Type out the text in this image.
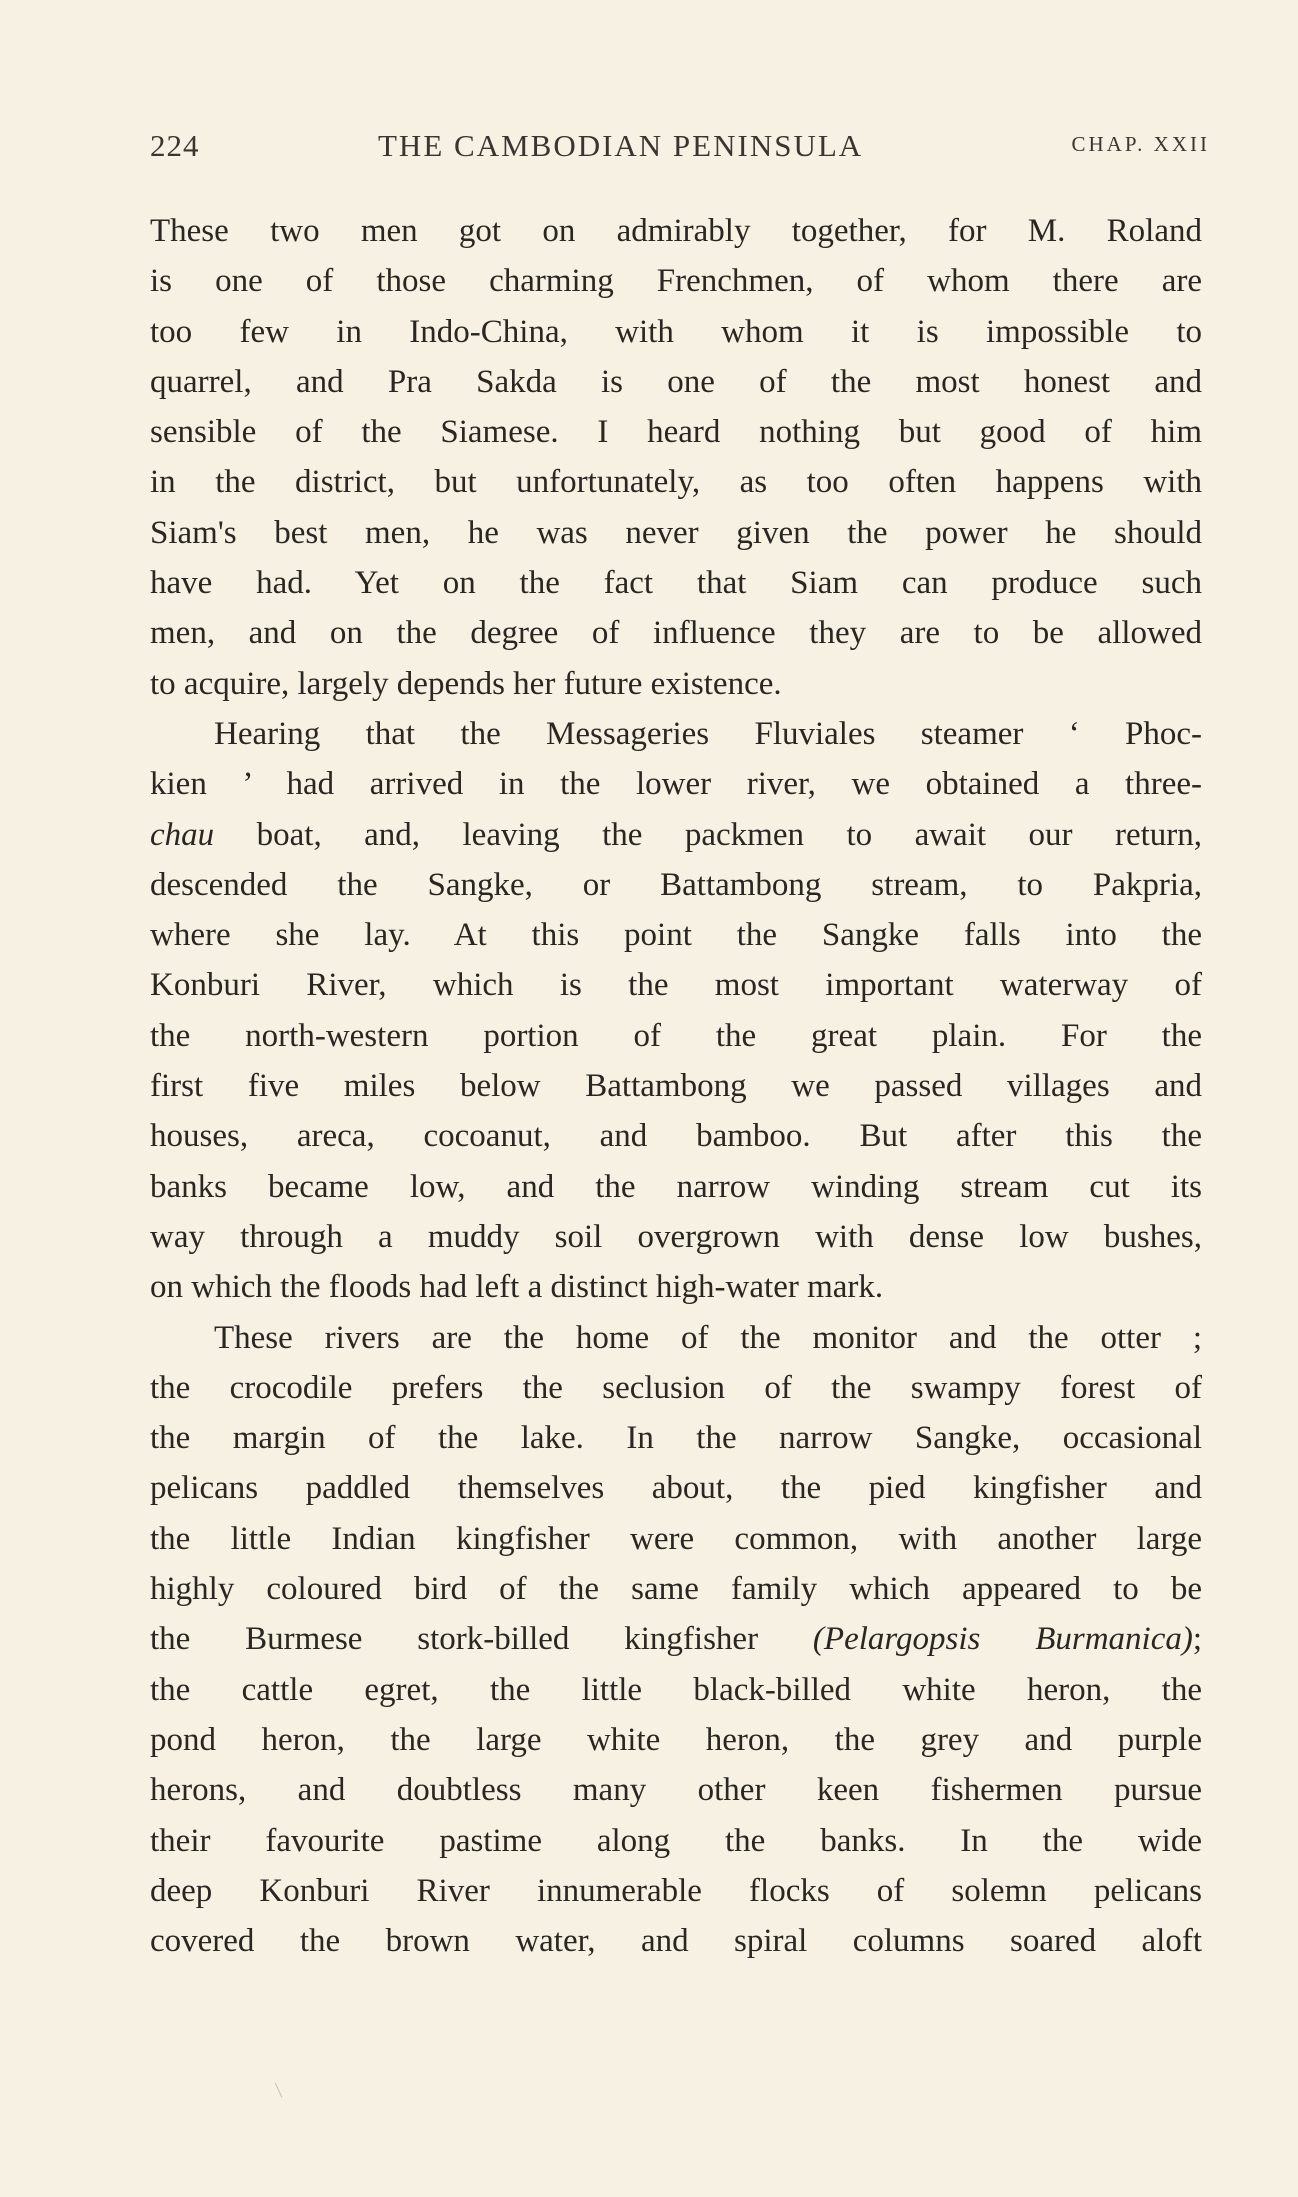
224	THE CAMBODIAN PENINSULA	CHAP. XXII
These two men got on admirably together, for M. Roland
is one of those charming Frenchmen, of whom there are
too few in Indo-China, with whom it is impossible to
quarrel, and Pra Sakda is one of the most honest and
sensible of the Siamese. I heard nothing but good of him
in the district, but unfortunately, as too often happens with
Siam's best men, he was never given the power he should
have had. Yet on the fact that Siam can produce such
men, and on the degree of influence they are to be allowed
to acquire, largely depends her future existence.
Hearing that the Messageries Fluviales steamer ‘ Phoc-
kien ’ had arrived in the lower river, we obtained a three-
chau boat, and, leaving the packmen to await our return,
descended the Sangke, or Battambong stream, to Pakpria,
where she lay. At this point the Sangke falls into the
Konburi River, which is the most important waterway of
the north-western portion of the great plain. For the
first five miles below Battambong we passed villages and
houses, areca, cocoanut, and bamboo. But after this the
banks became low, and the narrow winding stream cut its
way through a muddy soil overgrown with dense low bushes,
on which the floods had left a distinct high-water mark.
These rivers are the home of the monitor and the otter ;
the crocodile prefers the seclusion of the swampy forest of
the margin of the lake. In the narrow Sangke, occasional
pelicans paddled themselves about, the pied kingfisher and
the little Indian kingfisher were common, with another large
highly coloured bird of the same family which appeared to be
the Burmese stork-billed kingfisher (Pelargopsis Burmanica);
the cattle egret, the little black-billed white heron, the
pond heron, the large white heron, the grey and purple
herons, and doubtless many other keen fishermen pursue
their favourite pastime along the banks. In the wide
deep Konburi River innumerable flocks of solemn pelicans
covered the brown water, and spiral columns soared aloft
